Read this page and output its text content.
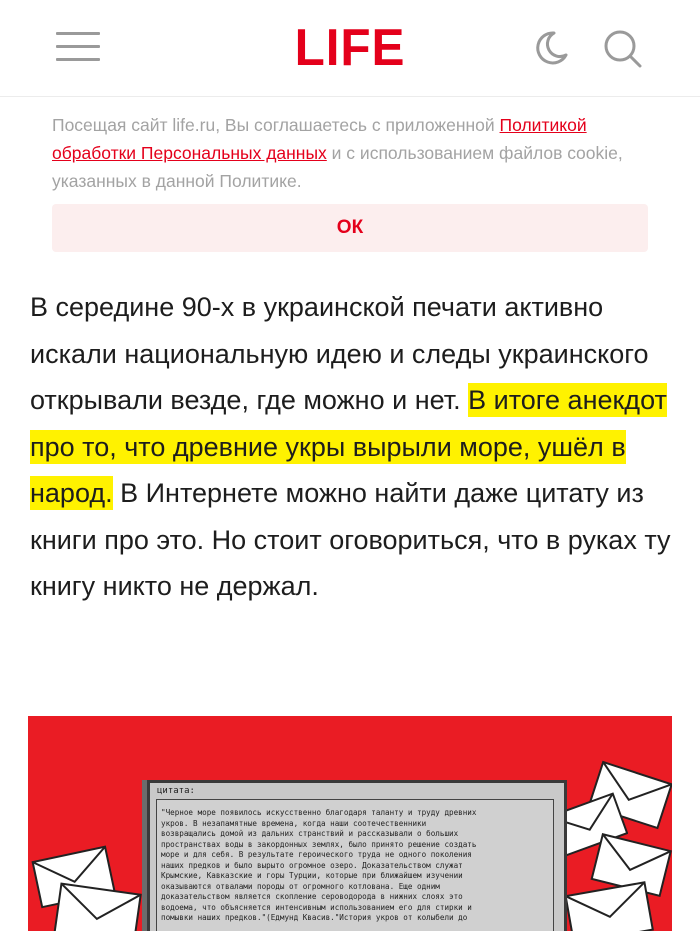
LIFE

Посещая сайт life.ru, Вы соглашаетесь с приложенной Политикой обработки Персональных данных и с использованием файлов cookie, указанных в данной Политике.

ОК

В середине 90-х в украинской печати активно искали национальную идею и следы украинского открывали везде, где можно и нет. В итоге анекдот про то, что древние укры вырыли море, ушёл в народ. В Интернете можно найти даже цитату из книги про это. Но стоит оговориться, что в руках ту книгу никто не держал.

цитата:

"Черное море появилось искусственно благодаря таланту и труду древних
укров. В незапамятные времена, когда наши соотечественники
возвращались домой из дальних странствий и рассказывали о больших
пространствах воды в закордонных землях, было принято решение создать
море и для себя. В результате героического труда не одного поколения
наших предков и было вырыто огромное озеро. Доказательством служат
Крымские, Кавказские и горы Турции, которые при ближайшем изучении
оказываются отвалами породы от огромного котлована. Еще одним
доказательством является скопление сероводорода в нижних слоях это
водоема, что объясняется интенсивным использованием его для стирки и
помывки наших предков."(Едмунд Квасив."История укров от колыбели до
